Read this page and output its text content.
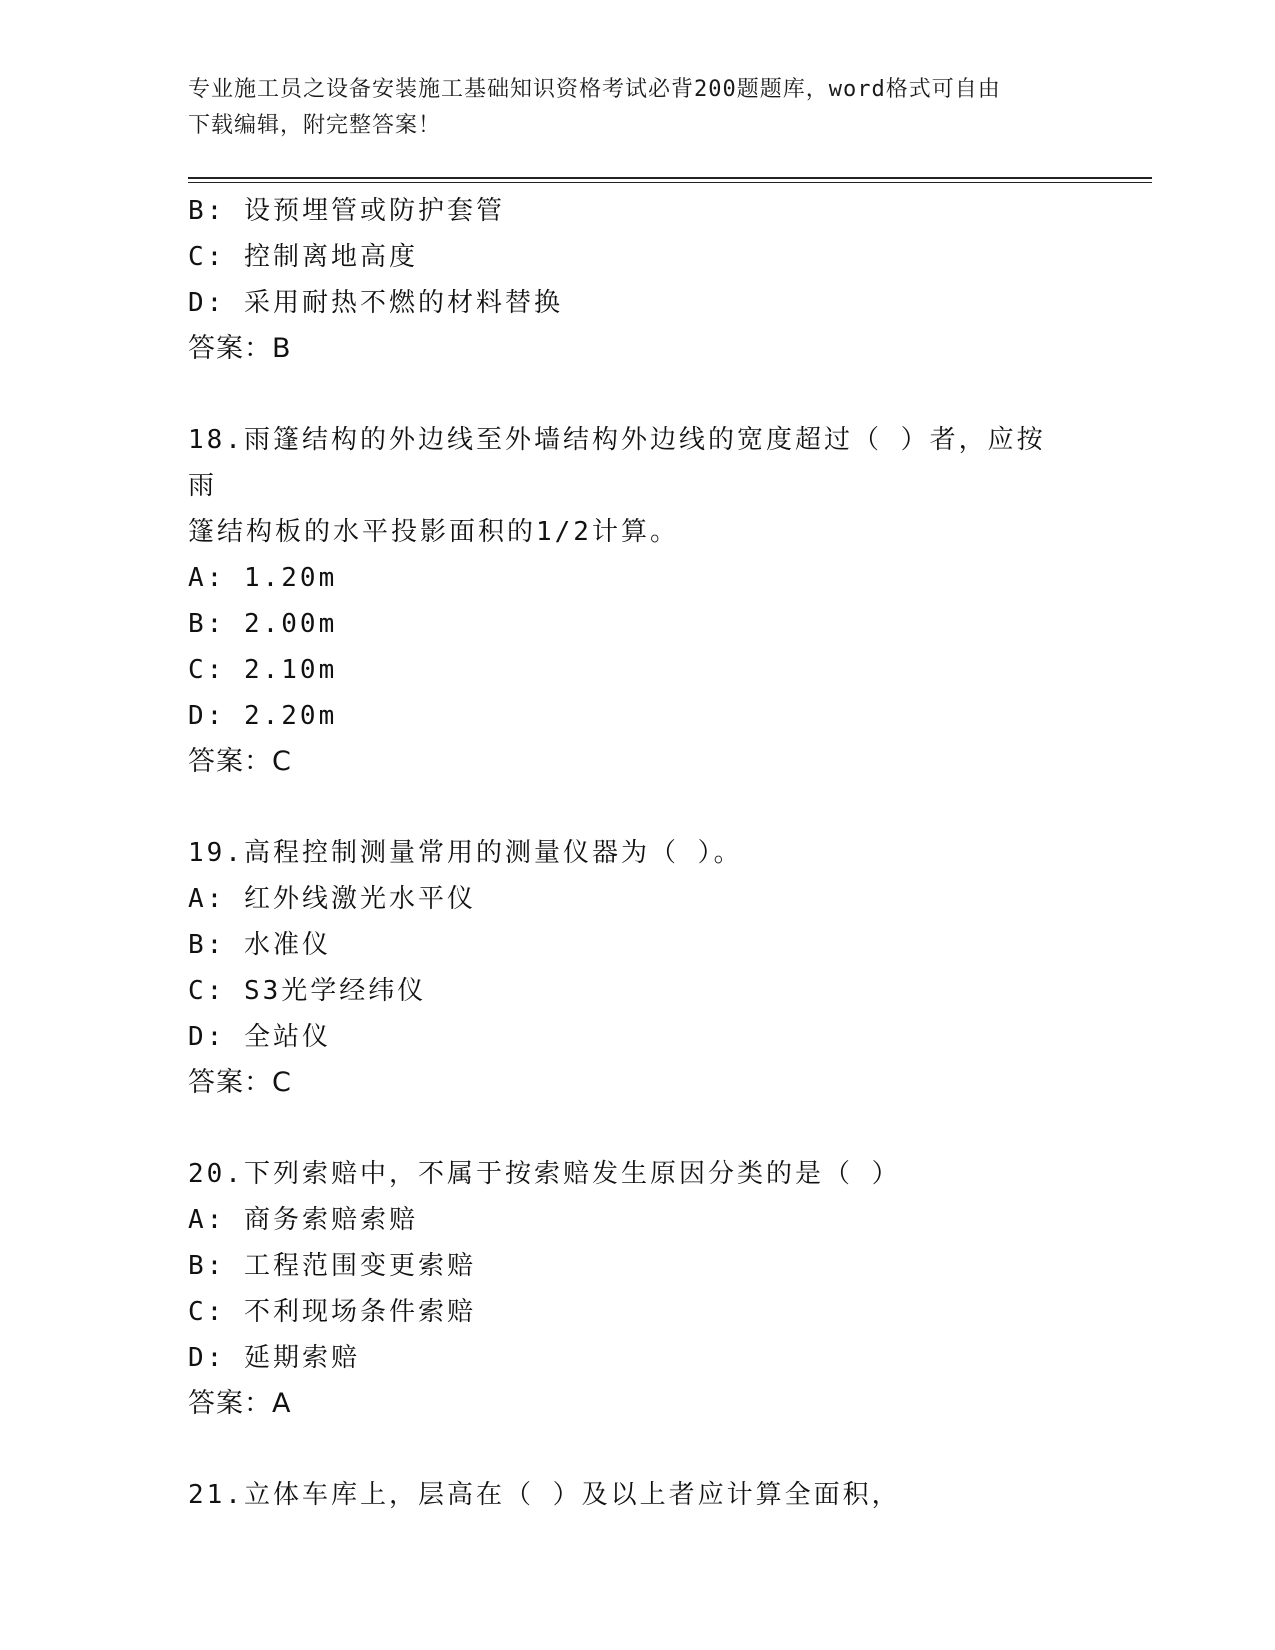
专业施工员之设备安装施工基础知识资格考试必背200题题库，word格式可自由
下载编辑，附完整答案！
B: 设预埋管或防护套管
C: 控制离地高度
D: 采用耐热不燃的材料替换
答案：B
18.雨篷结构的外边线至外墙结构外边线的宽度超过（ ）者，应按雨
篷结构板的水平投影面积的1/2计算。
A: 1.20m
B: 2.00m
C: 2.10m
D: 2.20m
答案：C
19.高程控制测量常用的测量仪器为（ ）。
A: 红外线激光水平仪
B: 水准仪
C: S3光学经纬仪
D: 全站仪
答案：C
20.下列索赔中，不属于按索赔发生原因分类的是（ ）
A: 商务索赔索赔
B: 工程范围变更索赔
C: 不利现场条件索赔
D: 延期索赔
答案：A
21.立体车库上，层高在（ ）及以上者应计算全面积，
